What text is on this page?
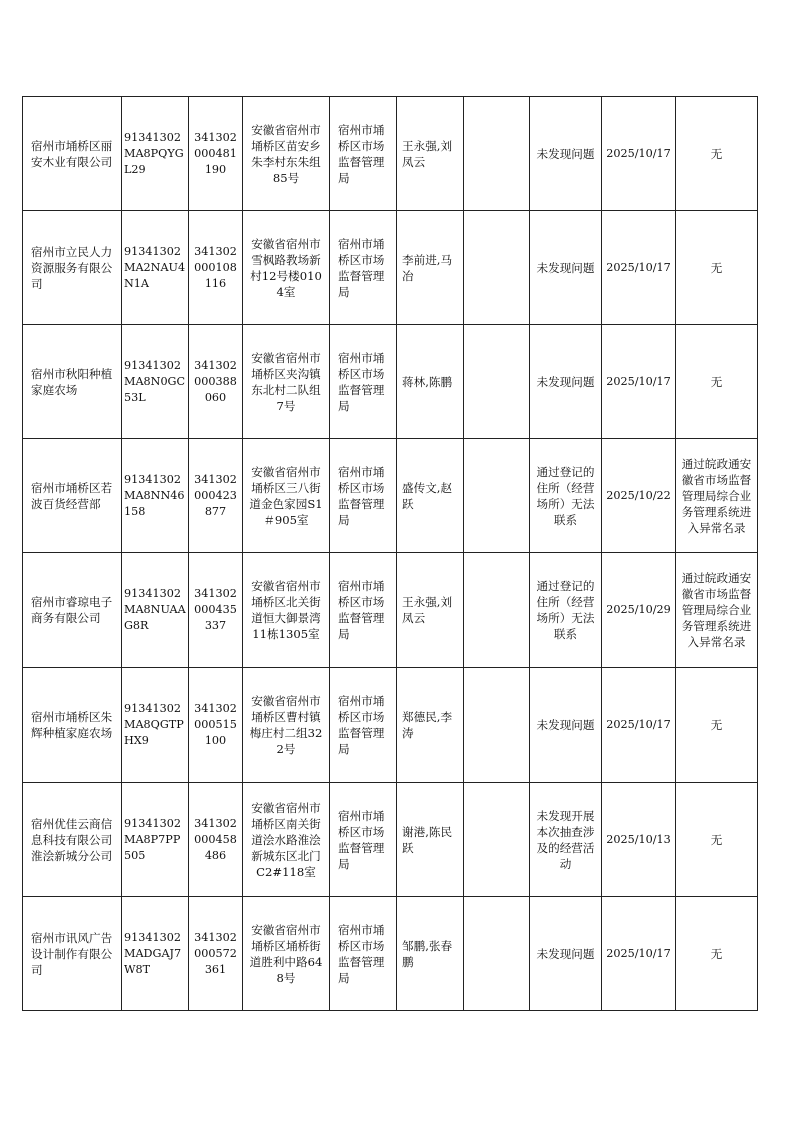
宿州市埇桥区丽安木业有限公司	91341302MA8PQYGL29	341302000481190	安徽省宿州市埇桥区苗安乡朱李村东朱组85号	宿州市埇桥区市场监督管理局	王永强,刘凤云		未发现问题	2025/10/17	无
宿州市立民人力资源服务有限公司	91341302MA2NAU4N1A	341302000108116	安徽省宿州市雪枫路教场新村12号楼0104室	宿州市埇桥区市场监督管理局	李前进,马冶		未发现问题	2025/10/17	无
宿州市秋阳种植家庭农场	91341302MA8N0GC53L	341302000388060	安徽省宿州市埇桥区夹沟镇东北村二队组7号	宿州市埇桥区市场监督管理局	蒋林,陈鹏		未发现问题	2025/10/17	无
宿州市埇桥区若波百货经营部	91341302MA8NN46158	341302000423877	安徽省宿州市埇桥区三八街道金色家园S1＃905室	宿州市埇桥区市场监督管理局	盛传文,赵跃		通过登记的住所（经营场所）无法联系	2025/10/22	通过皖政通安徽省市场监督管理局综合业务管理系统进入异常名录
宿州市睿琼电子商务有限公司	91341302MA8NUAAG8R	341302000435337	安徽省宿州市埇桥区北关街道恒大御景湾11栋1305室	宿州市埇桥区市场监督管理局	王永强,刘凤云		通过登记的住所（经营场所）无法联系	2025/10/29	通过皖政通安徽省市场监督管理局综合业务管理系统进入异常名录
宿州市埇桥区朱辉种植家庭农场	91341302MA8QGTPHX9	341302000515100	安徽省宿州市埇桥区曹村镇梅庄村二组322号	宿州市埇桥区市场监督管理局	郑德民,李涛		未发现问题	2025/10/17	无
宿州优佳云商信息科技有限公司淮浍新城分公司	91341302MA8P7PP505	341302000458486	安徽省宿州市埇桥区南关街道浍水路淮浍新城东区北门C2#118室	宿州市埇桥区市场监督管理局	谢港,陈民跃		未发现开展本次抽查涉及的经营活动	2025/10/13	无
宿州市讯风广告设计制作有限公司	91341302MADGAJ7W8T	341302000572361	安徽省宿州市埇桥区埇桥街道胜利中路648号	宿州市埇桥区市场监督管理局	邹鹏,张春鹏		未发现问题	2025/10/17	无
